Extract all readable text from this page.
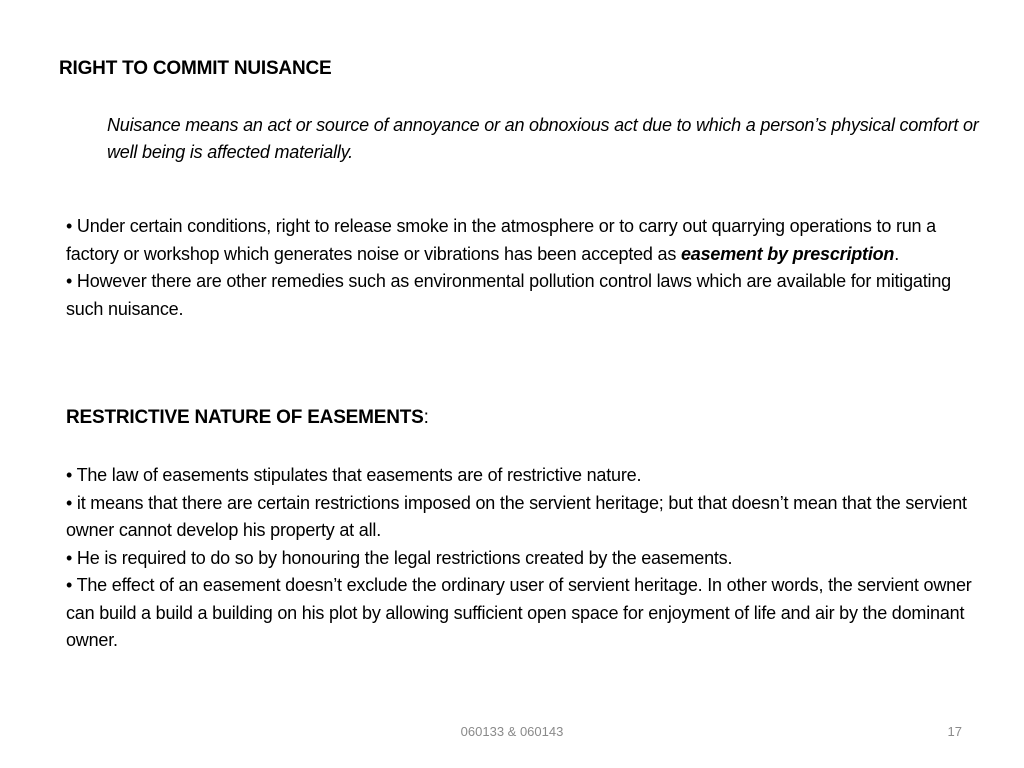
RIGHT TO COMMIT NUISANCE
Nuisance means an act or source of annoyance or an obnoxious act due to which a person’s physical comfort or well being is affected materially.

• Under certain conditions, right to release smoke in the atmosphere or to carry out quarrying operations to run a factory or workshop which generates noise or vibrations has been accepted as easement by prescription.

• However there are other remedies such as environmental pollution control laws which are available for mitigating such nuisance.

RESTRICTIVE NATURE OF EASEMENTS:

• The law of easements stipulates that easements are of restrictive nature.

• it means that there are certain restrictions imposed on the servient heritage; but that doesn’t mean that the servient owner cannot develop his property at all.

• He is required to do so by honouring the legal restrictions created by the easements.

• The effect of an easement doesn’t exclude the ordinary user of servient heritage. In other words, the servient owner can build a build a building on his plot by allowing sufficient open space for enjoyment of life and air by the dominant owner.

060133 & 060143	17
